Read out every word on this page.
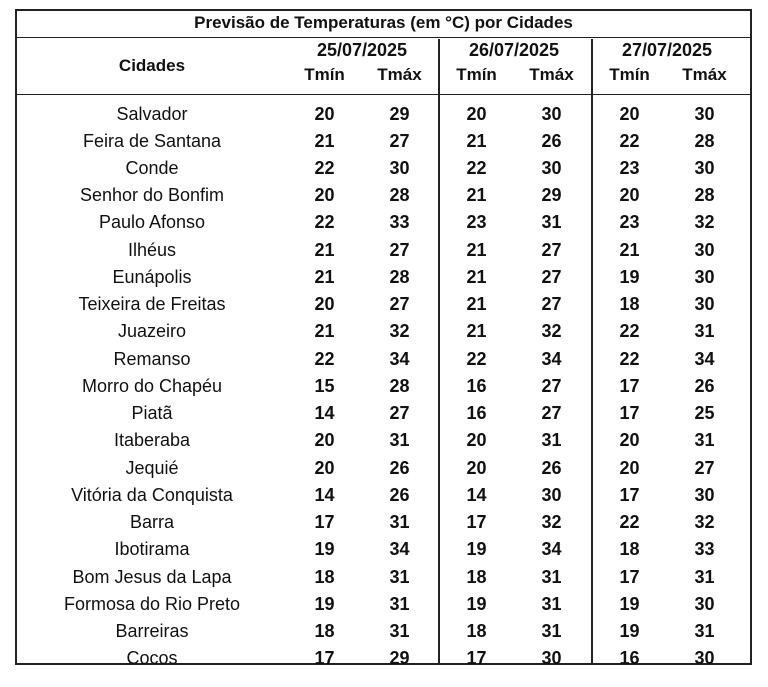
Previsão de Temperaturas (em °C) por Cidades
Cidades
25/07/2025	26/07/2025	27/07/2025
Tmín	Tmáx	Tmín	Tmáx	Tmín	Tmáx
Salvador	20	29	20	30	20	30
Feira de Santana	21	27	21	26	22	28
Conde	22	30	22	30	23	30
Senhor do Bonfim	20	28	21	29	20	28
Paulo Afonso	22	33	23	31	23	32
Ilhéus	21	27	21	27	21	30
Eunápolis	21	28	21	27	19	30
Teixeira de Freitas	20	27	21	27	18	30
Juazeiro	21	32	21	32	22	31
Remanso	22	34	22	34	22	34
Morro do Chapéu	15	28	16	27	17	26
Piatã	14	27	16	27	17	25
Itaberaba	20	31	20	31	20	31
Jequié	20	26	20	26	20	27
Vitória da Conquista	14	26	14	30	17	30
Barra	17	31	17	32	22	32
Ibotirama	19	34	19	34	18	33
Bom Jesus da Lapa	18	31	18	31	17	31
Formosa do Rio Preto	19	31	19	31	19	30
Barreiras	18	31	18	31	19	31
Cocos	17	29	17	30	16	30
